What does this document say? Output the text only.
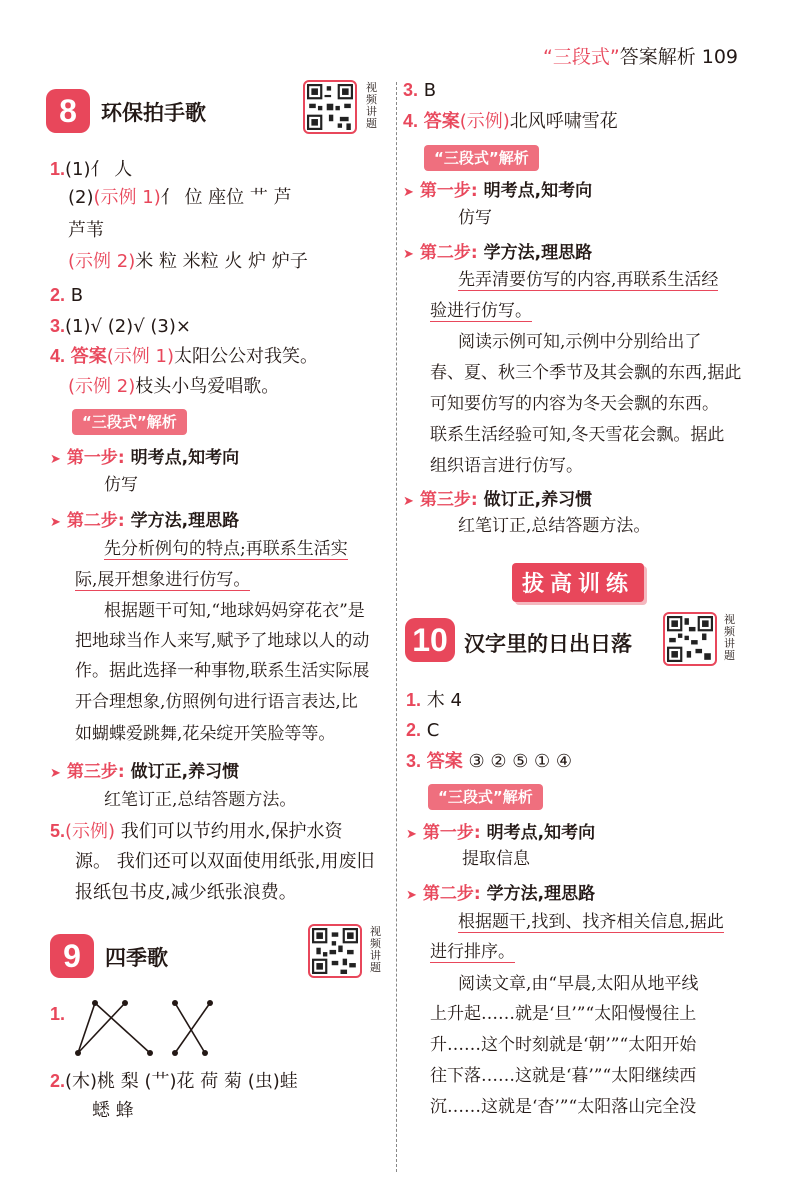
“三段式”答案解析 109
8	环保拍手歌
视频讲题
1.(1)亻 人
(2)(示例 1)亻 位 座位 艹 芦
芦苇
(示例 2)米 粒 米粒 火 炉 炉子
2. B
3.(1)√ (2)√ (3)×
4. 答案(示例 1)太阳公公对我笑。
(示例 2)枝头小鸟爱唱歌。
“三段式”解析
➤ 第一步: 明考点,知考向
仿写
➤ 第二步: 学方法,理思路
先分析例句的特点;再联系生活实
际,展开想象进行仿写。
根据题干可知,“地球妈妈穿花衣”是
把地球当作人来写,赋予了地球以人的动
作。据此选择一种事物,联系生活实际展
开合理想象,仿照例句进行语言表达,比
如蝴蝶爱跳舞,花朵绽开笑脸等等。
➤ 第三步: 做订正,养习惯
红笔订正,总结答题方法。
5.(示例) 我们可以节约用水,保护水资
源。 我们还可以双面使用纸张,用废旧
报纸包书皮,减少纸张浪费。
9	四季歌
视频讲题
1.
2.(木)桃 梨 (艹)花 荷 菊 (虫)蛙
蟋 蜂
3. B
4. 答案(示例)北风呼啸雪花
“三段式”解析
➤ 第一步: 明考点,知考向
仿写
➤ 第二步: 学方法,理思路
先弄清要仿写的内容,再联系生活经
验进行仿写。
阅读示例可知,示例中分别给出了
春、夏、秋三个季节及其会飘的东西,据此
可知要仿写的内容为冬天会飘的东西。
联系生活经验可知,冬天雪花会飘。据此
组织语言进行仿写。
➤ 第三步: 做订正,养习惯
红笔订正,总结答题方法。
拔高训练
10 汉字里的日出日落
视频讲题
1. 木 4
2. C
3. 答案 ③ ② ⑤ ① ④
“三段式”解析
➤ 第一步: 明考点,知考向
提取信息
➤ 第二步: 学方法,理思路
根据题干,找到、找齐相关信息,据此
进行排序。
阅读文章,由“早晨,太阳从地平线
上升起……就是‘旦’”“太阳慢慢往上
升……这个时刻就是‘朝’”“太阳开始
往下落……这就是‘暮’”“太阳继续西
沉……这就是‘杳’”“太阳落山完全没
